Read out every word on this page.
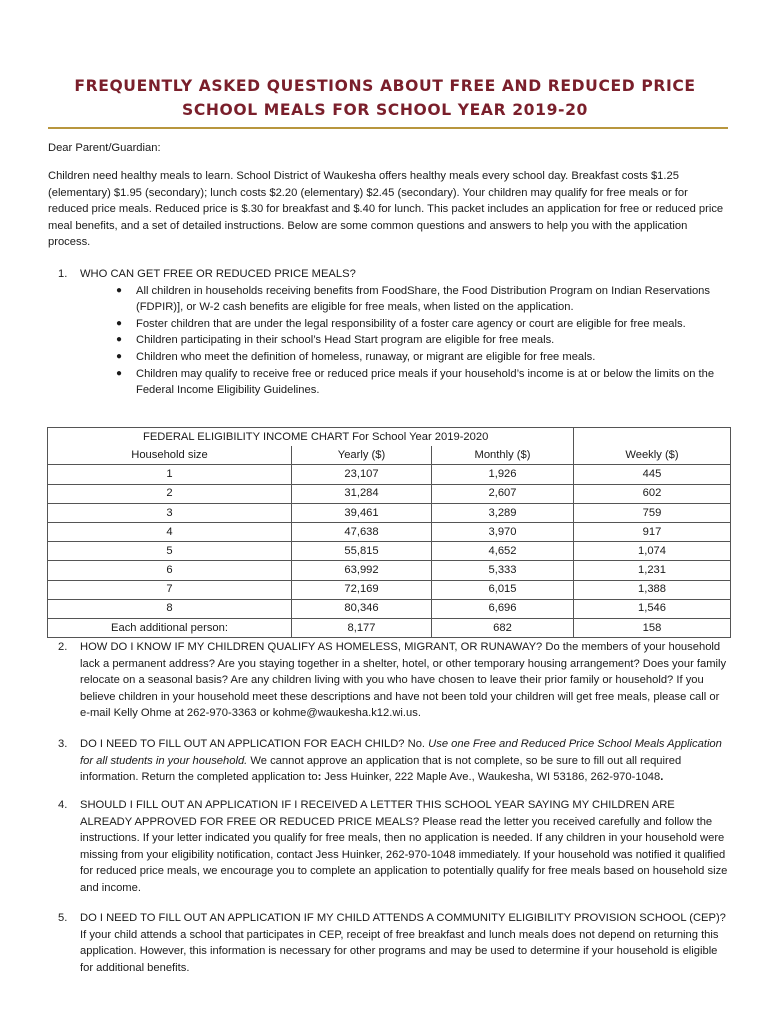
FREQUENTLY ASKED QUESTIONS ABOUT FREE AND REDUCED PRICE
SCHOOL MEALS FOR SCHOOL YEAR 2019-20
Dear Parent/Guardian:
Children need healthy meals to learn. School District of Waukesha offers healthy meals every school day. Breakfast costs $1.25 (elementary) $1.95 (secondary); lunch costs $2.20 (elementary) $2.45 (secondary). Your children may qualify for free meals or for reduced price meals. Reduced price is $.30 for breakfast and $.40 for lunch. This packet includes an application for free or reduced price meal benefits, and a set of detailed instructions. Below are some common questions and answers to help you with the application process.
1. WHO CAN GET FREE OR REDUCED PRICE MEALS?
● All children in households receiving benefits from FoodShare, the Food Distribution Program on Indian Reservations (FDPIR)], or W-2 cash benefits are eligible for free meals, when listed on the application.
● Foster children that are under the legal responsibility of a foster care agency or court are eligible for free meals.
● Children participating in their school’s Head Start program are eligible for free meals.
● Children who meet the definition of homeless, runaway, or migrant are eligible for free meals.
● Children may qualify to receive free or reduced price meals if your household’s income is at or below the limits on the Federal Income Eligibility Guidelines.
FEDERAL ELIGIBILITY INCOME CHART For School Year 2019-2020			
Household size	Yearly ($)	Monthly ($)	Weekly ($)
1	23,107	1,926	445
2	31,284	2,607	602
3	39,461	3,289	759
4	47,638	3,970	917
5	55,815	4,652	1,074
6	63,992	5,333	1,231
7	72,169	6,015	1,388
8	80,346	6,696	1,546
Each additional person:	8,177	682	158
2. HOW DO I KNOW IF MY CHILDREN QUALIFY AS HOMELESS, MIGRANT, OR RUNAWAY? Do the members of your household lack a permanent address? Are you staying together in a shelter, hotel, or other temporary housing arrangement? Does your family relocate on a seasonal basis? Are any children living with you who have chosen to leave their prior family or household? If you believe children in your household meet these descriptions and have not been told your children will get free meals, please call or e-mail Kelly Ohme at 262-970-3363 or kohme@waukesha.k12.wi.us.
3. DO I NEED TO FILL OUT AN APPLICATION FOR EACH CHILD? No. Use one Free and Reduced Price School Meals Application for all students in your household. We cannot approve an application that is not complete, so be sure to fill out all required information. Return the completed application to: Jess Huinker, 222 Maple Ave., Waukesha, WI 53186, 262-970-1048.
4. SHOULD I FILL OUT AN APPLICATION IF I RECEIVED A LETTER THIS SCHOOL YEAR SAYING MY CHILDREN ARE ALREADY APPROVED FOR FREE OR REDUCED PRICE MEALS? Please read the letter you received carefully and follow the instructions. If your letter indicated you qualify for free meals, then no application is needed. If any children in your household were missing from your eligibility notification, contact Jess Huinker, 262-970-1048 immediately. If your household was notified it qualified for reduced price meals, we encourage you to complete an application to potentially qualify for free meals based on household size and income.
5. DO I NEED TO FILL OUT AN APPLICATION IF MY CHILD ATTENDS A COMMUNITY ELIGIBILITY PROVISION SCHOOL (CEP)? If your child attends a school that participates in CEP, receipt of free breakfast and lunch meals does not depend on returning this application. However, this information is necessary for other programs and may be used to determine if your household is eligible for additional benefits.
